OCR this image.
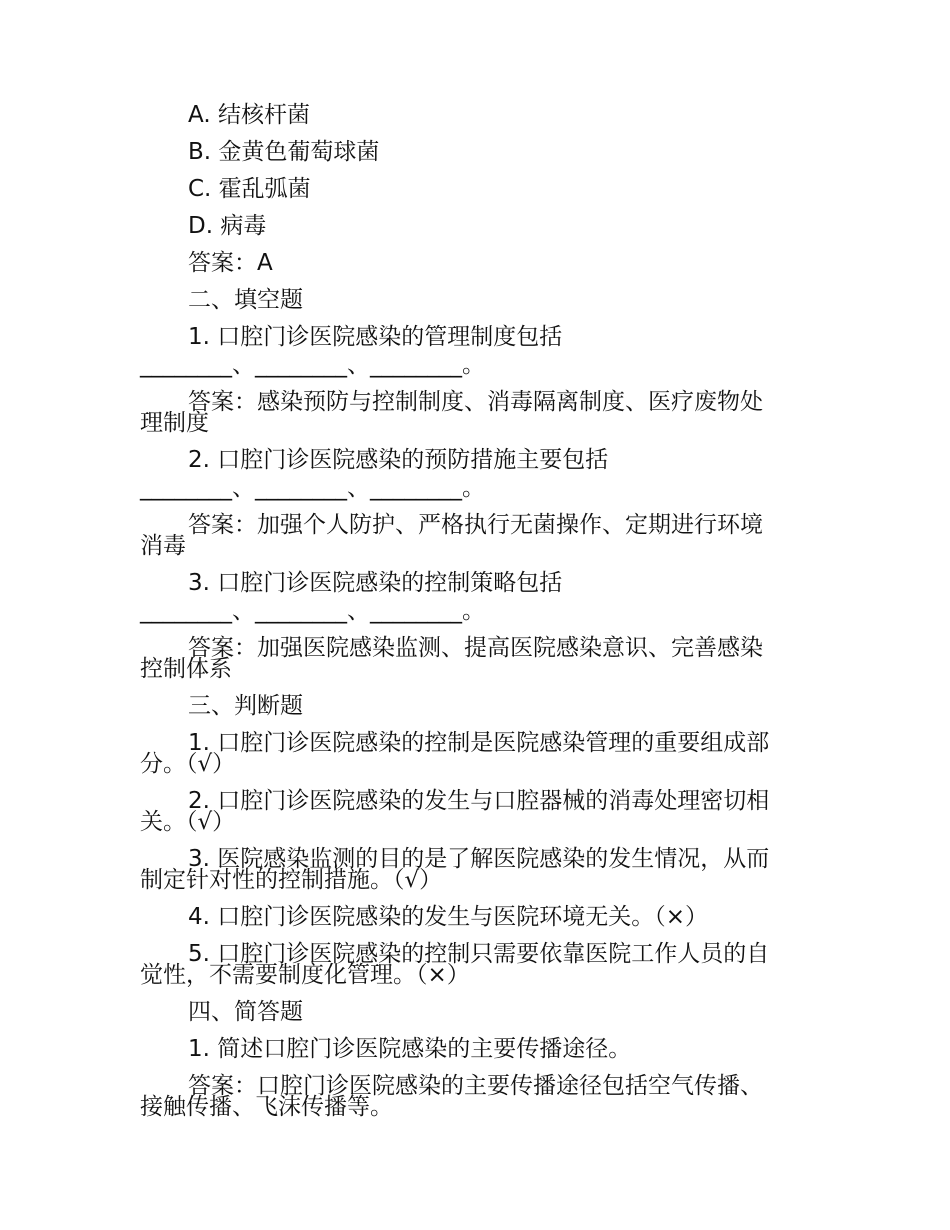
A. 结核杆菌
B. 金黄色葡萄球菌
C. 霍乱弧菌
D. 病毒
答案：A
二、填空题
1. 口腔门诊医院感染的管理制度包括
________、________、________。
答案：感染预防与控制制度、消毒隔离制度、医疗废物处
理制度
2. 口腔门诊医院感染的预防措施主要包括
________、________、________。
答案：加强个人防护、严格执行无菌操作、定期进行环境
消毒
3. 口腔门诊医院感染的控制策略包括
________、________、________。
答案：加强医院感染监测、提高医院感染意识、完善感染
控制体系
三、判断题
1. 口腔门诊医院感染的控制是医院感染管理的重要组成部
分。（√）
2. 口腔门诊医院感染的发生与口腔器械的消毒处理密切相
关。（√）
3. 医院感染监测的目的是了解医院感染的发生情况，从而
制定针对性的控制措施。（√）
4. 口腔门诊医院感染的发生与医院环境无关。（×）
5. 口腔门诊医院感染的控制只需要依靠医院工作人员的自
觉性，不需要制度化管理。（×）
四、简答题
1. 简述口腔门诊医院感染的主要传播途径。
答案：口腔门诊医院感染的主要传播途径包括空气传播、
接触传播、飞沫传播等。
